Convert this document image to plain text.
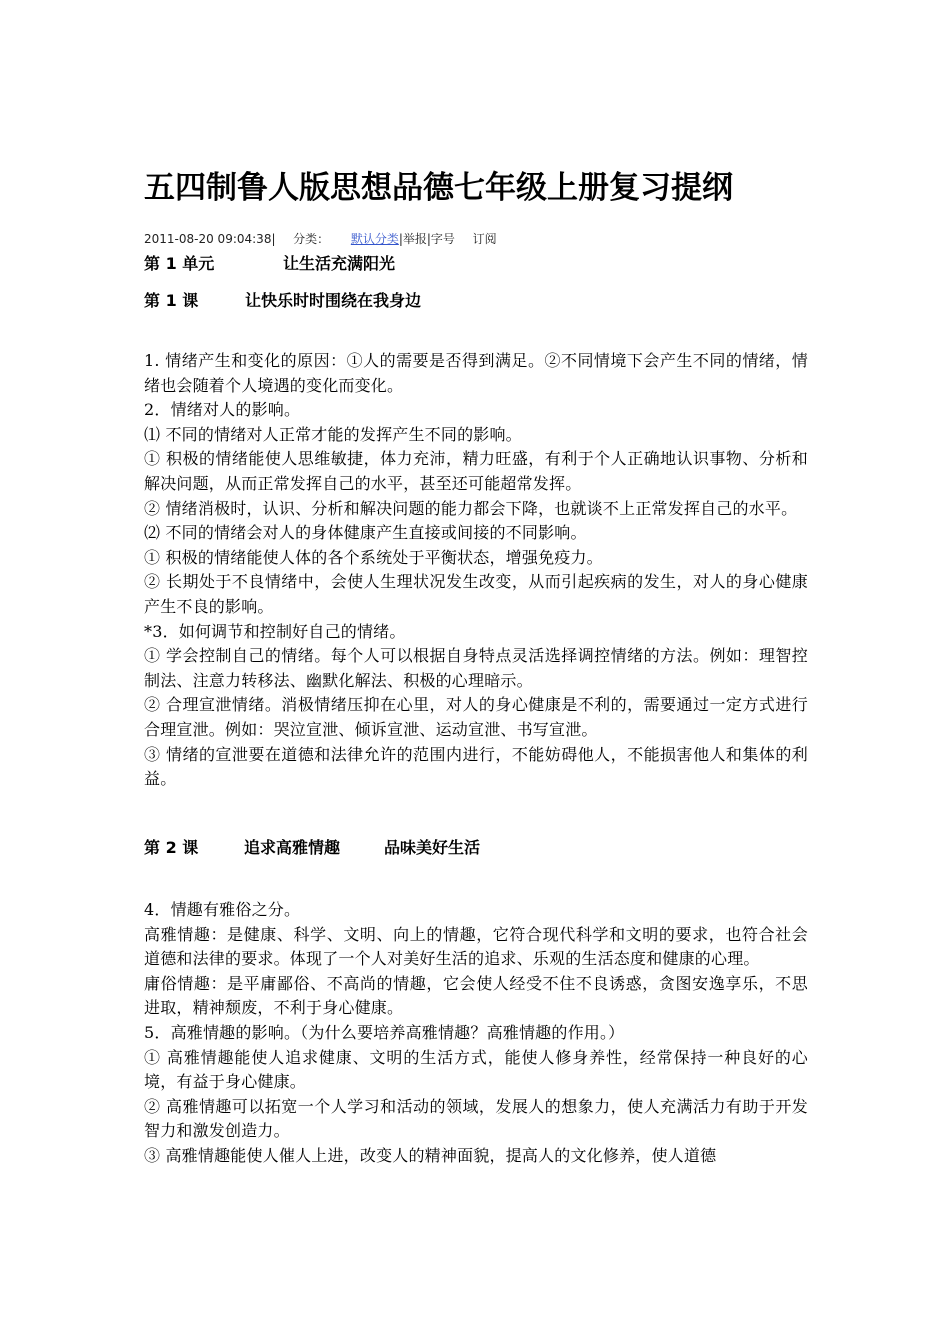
五四制鲁人版思想品德七年级上册复习提纲
2011-08-20 09:04:38| 分类： 默认分类|举报|字号 订阅
第 1 单元	让生活充满阳光
第 1 课	让快乐时时围绕在我身边

1. 情绪产生和变化的原因：①人的需要是否得到满足。②不同情境下会产生不同的情绪，情绪也会随着个人境遇的变化而变化。

2．情绪对人的影响。

⑴ 不同的情绪对人正常才能的发挥产生不同的影响。

① 积极的情绪能使人思维敏捷，体力充沛，精力旺盛，有利于个人正确地认识事物、分析和解决问题，从而正常发挥自己的水平，甚至还可能超常发挥。

② 情绪消极时，认识、分析和解决问题的能力都会下降，也就谈不上正常发挥自己的水平。

⑵ 不同的情绪会对人的身体健康产生直接或间接的不同影响。

① 积极的情绪能使人体的各个系统处于平衡状态，增强免疫力。

② 长期处于不良情绪中，会使人生理状况发生改变，从而引起疾病的发生，对人的身心健康产生不良的影响。

*3．如何调节和控制好自己的情绪。

① 学会控制自己的情绪。每个人可以根据自身特点灵活选择调控情绪的方法。例如：理智控制法、注意力转移法、幽默化解法、积极的心理暗示。

② 合理宣泄情绪。消极情绪压抑在心里，对人的身心健康是不利的，需要通过一定方式进行合理宣泄。例如：哭泣宣泄、倾诉宣泄、运动宣泄、书写宣泄。

③ 情绪的宣泄要在道德和法律允许的范围内进行，不能妨碍他人，不能损害他人和集体的利益。

第 2 课	追求高雅情趣	品味美好生活

4．情趣有雅俗之分。

高雅情趣：是健康、科学、文明、向上的情趣，它符合现代科学和文明的要求，也符合社会道德和法律的要求。体现了一个人对美好生活的追求、乐观的生活态度和健康的心理。

庸俗情趣：是平庸鄙俗、不高尚的情趣，它会使人经受不住不良诱惑，贪图安逸享乐，不思进取，精神颓废，不利于身心健康。

5．高雅情趣的影响。（为什么要培养高雅情趣？高雅情趣的作用。）

① 高雅情趣能使人追求健康、文明的生活方式，能使人修身养性，经常保持一种良好的心境，有益于身心健康。

② 高雅情趣可以拓宽一个人学习和活动的领域，发展人的想象力，使人充满活力有助于开发智力和激发创造力。

③ 高雅情趣能使人催人上进，改变人的精神面貌，提高人的文化修养，使人道德
